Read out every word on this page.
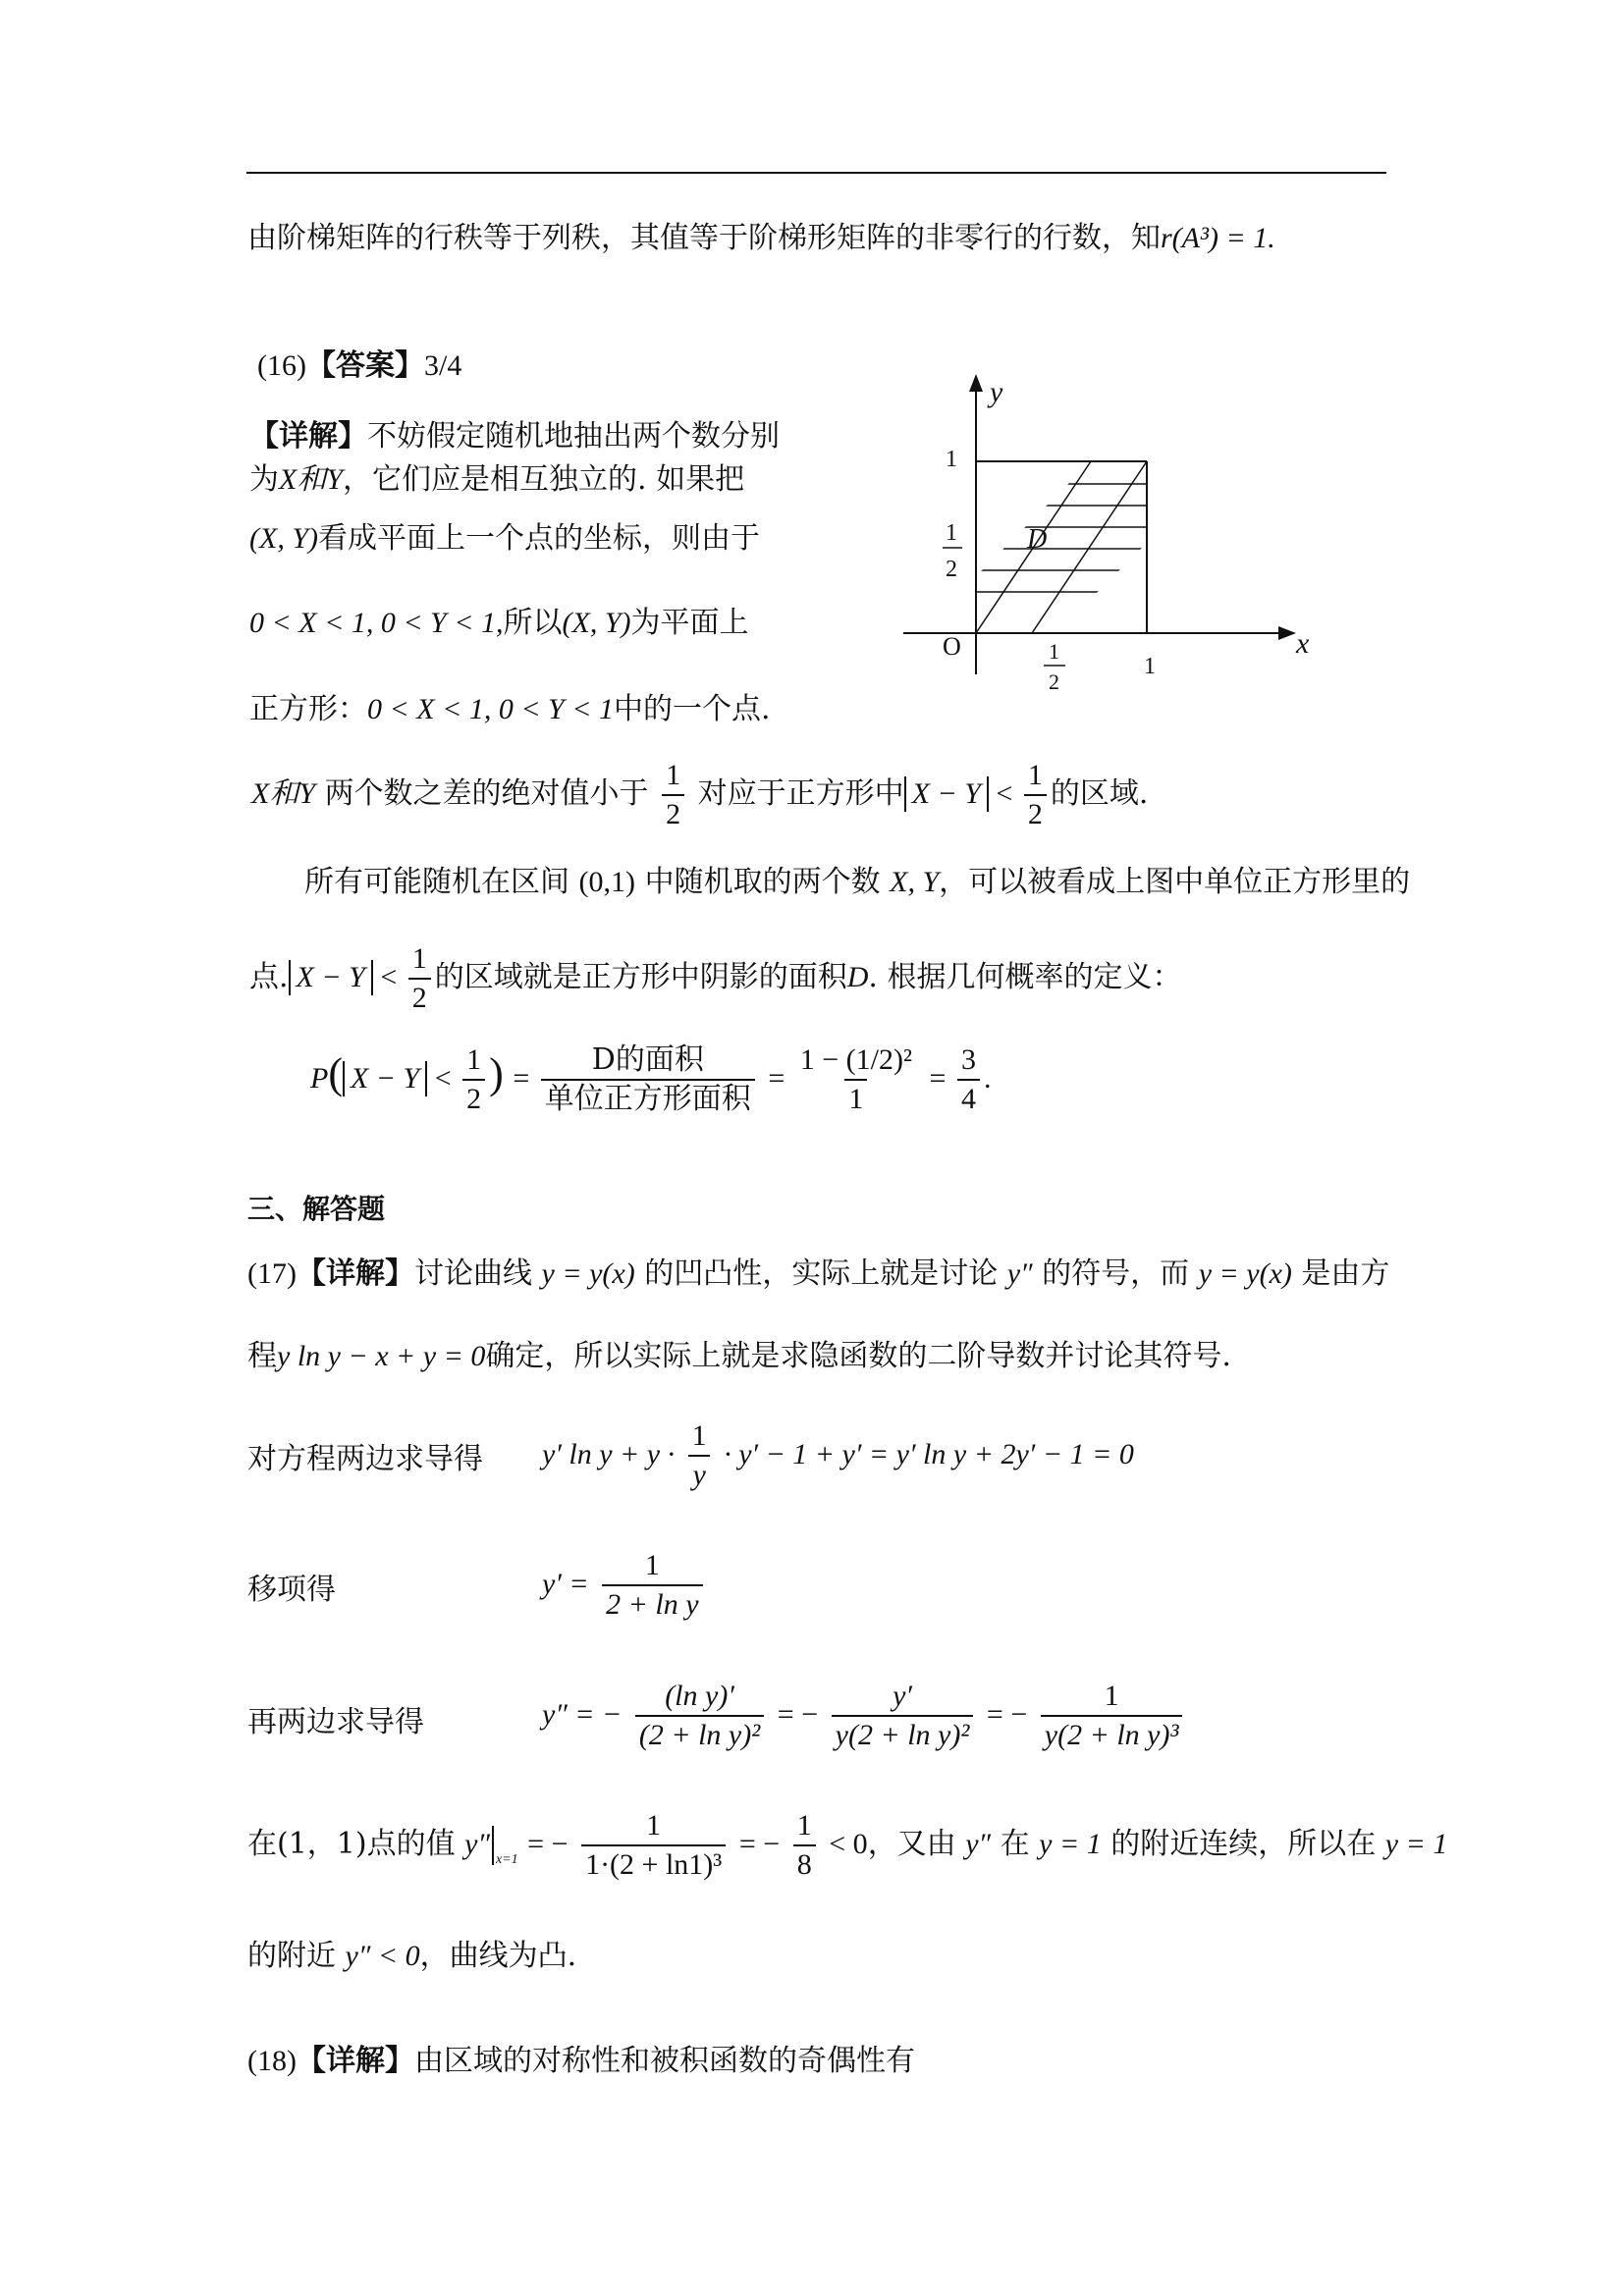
由阶梯矩阵的行秩等于列秩，其值等于阶梯形矩阵的非零行的行数，知r(A³) = 1.
(16)【答案】3/4
【详解】不妨假定随机地抽出两个数分别
为X和Y，它们应是相互独立的. 如果把
(X, Y)看成平面上一个点的坐标，则由于
0 < X < 1, 0 < Y < 1,所以(X, Y)为平面上
正方形：0 < X < 1, 0 < Y < 1中的一个点.
y
x
O
1
1
1
2
1
2
D
X和Y 两个数之差的绝对值小于 $\frac{1}{2}$ 对应于正方形中 $X - Y < \frac{1}{2}$ 的区域.
所有可能随机在区间 (0,1) 中随机取的两个数 X, Y，可以被看成上图中单位正方形里的
点. $X - Y < \frac{1}{2}$ 的区域就是正方形中阴影的面积D. 根据几何概率的定义：
P( $X - Y < \frac{1}{2}$ ) = $\frac{\text{D的面积}}{\text{单位正方形面积}} = \frac{\text{1 − (1/2)²}}{1} = \frac{3}{4}$ .
三、解答题
(17)【详解】讨论曲线 y = y(x) 的凹凸性，实际上就是讨论 y″ 的符号，而 y = y(x) 是由方
程y ln y − x + y = 0确定，所以实际上就是求隐函数的二阶导数并讨论其符号.
对方程两边求导得 y′ $\ln y + y \cdot \frac{1}{y} \cdot y' - 1 + y' = y'$ ln y + 2y′ − 1 = 0
移项得	$y' = \frac{1}{\text{2 + ln y}}$
再两边求导得	y″ = − $\frac{\text{(ln y)′}}{\text{(2 + ln y)²}}$ = − $\frac{y'}{\text{y(2 + ln y)²}}$ = − $\frac{1}{\text{y(2 + ln y)³}}$
在(1，1)点的值 y″ $_{x=1}$ = − $\frac{1}{\text{1·(2 + ln1)³}}$ = − $\frac{1}{8} < 0$，又由 y″ 在 y = 1 的附近连续，所以在 y = 1
的附近 y″ < 0，曲线为凸.
(18)【详解】由区域的对称性和被积函数的奇偶性有
